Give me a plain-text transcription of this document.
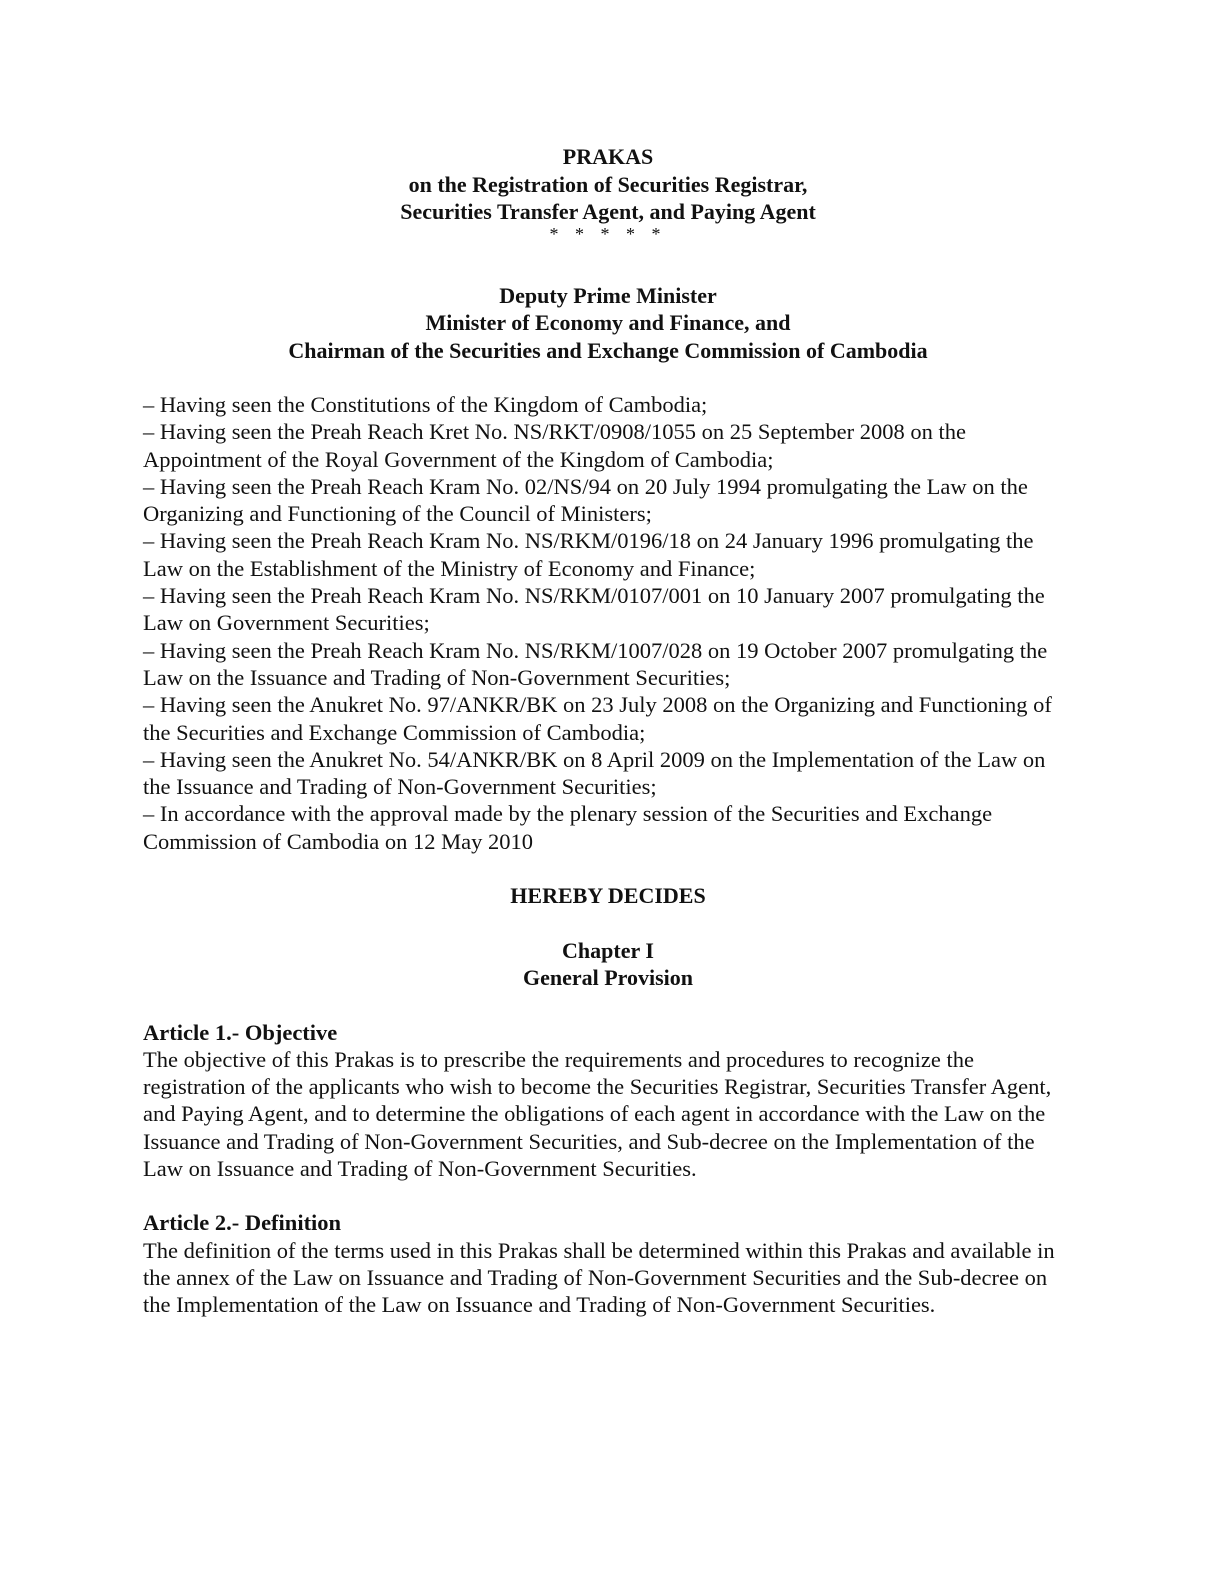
PRAKAS
on the Registration of Securities Registrar,
Securities Transfer Agent, and Paying Agent
* * * * *
Deputy Prime Minister
Minister of Economy and Finance, and
Chairman of the Securities and Exchange Commission of Cambodia

– Having seen the Constitutions of the Kingdom of Cambodia;

– Having seen the Preah Reach Kret No. NS/RKT/0908/1055 on 25 September 2008 on the Appointment of the Royal Government of the Kingdom of Cambodia;

– Having seen the Preah Reach Kram No. 02/NS/94 on 20 July 1994 promulgating the Law on the Organizing and Functioning of the Council of Ministers;

– Having seen the Preah Reach Kram No. NS/RKM/0196/18 on 24 January 1996 promulgating the Law on the Establishment of the Ministry of Economy and Finance;

– Having seen the Preah Reach Kram No. NS/RKM/0107/001 on 10 January 2007 promulgating the Law on Government Securities;

– Having seen the Preah Reach Kram No. NS/RKM/1007/028 on 19 October 2007 promulgating the Law on the Issuance and Trading of Non-Government Securities;

– Having seen the Anukret No. 97/ANKR/BK on 23 July 2008 on the Organizing and Functioning of the Securities and Exchange Commission of Cambodia;

– Having seen the Anukret No. 54/ANKR/BK on 8 April 2009 on the Implementation of the Law on the Issuance and Trading of Non-Government Securities;

– In accordance with the approval made by the plenary session of the Securities and Exchange Commission of Cambodia on 12 May 2010

HEREBY DECIDES
Chapter I
General Provision

Article 1.- Objective

The objective of this Prakas is to prescribe the requirements and procedures to recognize the registration of the applicants who wish to become the Securities Registrar, Securities Transfer Agent, and Paying Agent, and to determine the obligations of each agent in accordance with the Law on the Issuance and Trading of Non-Government Securities, and Sub-decree on the Implementation of the Law on Issuance and Trading of Non-Government Securities.

Article 2.- Definition

The definition of the terms used in this Prakas shall be determined within this Prakas and available in the annex of the Law on Issuance and Trading of Non-Government Securities and the Sub-decree on the Implementation of the Law on Issuance and Trading of Non-Government Securities.
